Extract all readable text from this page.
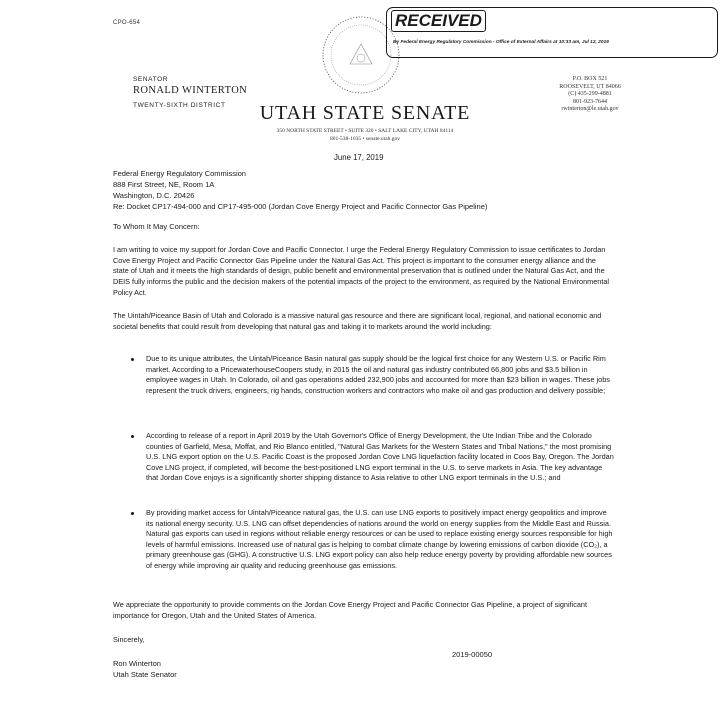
CPO-654	RECEIVED
By Federal Energy Regulatory Commission - Office of External Affairs at 10:33 am, Jul 12, 2019
SENATOR
RONALD WINTERTON
TWENTY-SIXTH DISTRICT
P.O. BOX 521
ROOSEVELT, UT 84066
(C) 435-299-4881
801-923-7644
rwinterton@le.utah.gov
UTAH STATE SENATE
350 NORTH STATE STREET • SUITE 320 • SALT LAKE CITY, UTAH 84114
801-538-1035 • senate.utah.gov
June 17, 2019
Federal Energy Regulatory Commission
888 First Street, NE, Room 1A
Washington, D.C. 20426
Re: Docket CP17-494-000 and CP17-495-000 (Jordan Cove Energy Project and Pacific Connector Gas Pipeline)
To Whom It May Concern:
I am writing to voice my support for Jordan Cove and Pacific Connector. I urge the Federal Energy Regulatory Commission to issue certificates to Jordan Cove Energy Project and Pacific Connector Gas Pipeline under the Natural Gas Act. This project is important to the consumer energy alliance and the state of Utah and it meets the high standards of design, public benefit and environmental preservation that is outlined under the Natural Gas Act, and the DEIS fully informs the public and the decision makers of the potential impacts of the project to the environment, as required by the National Environmental Policy Act.
The Uintah/Piceance Basin of Utah and Colorado is a massive natural gas resource and there are significant local, regional, and national economic and societal benefits that could result from developing that natural gas and taking it to markets around the world including:
Due to its unique attributes, the Uintah/Piceance Basin natural gas supply should be the logical first choice for any Western U.S. or Pacific Rim market. According to a PricewaterhouseCoopers study, in 2015 the oil and natural gas industry contributed 66,800 jobs and $3.5 billion in employee wages in Utah. In Colorado, oil and gas operations added 232,900 jobs and accounted for more than $23 billion in wages. These jobs represent the truck drivers, engineers, rig hands, construction workers and contractors who make oil and gas production and delivery possible;
According to release of a report in April 2019 by the Utah Governor's Office of Energy Development, the Ute Indian Tribe and the Colorado counties of Garfield, Mesa, Moffat, and Rio Blanco entitled, "Natural Gas Markets for the Western States and Tribal Nations," the most promising U.S. LNG export option on the U.S. Pacific Coast is the proposed Jordan Cove LNG liquefaction facility located in Coos Bay, Oregon. The Jordan Cove LNG project, if completed, will become the best-positioned LNG export terminal in the U.S. to serve markets in Asia. The key advantage that Jordan Cove enjoys is a significantly shorter shipping distance to Asia relative to other LNG export terminals in the U.S.; and
By providing market access for Uintah/Piceance natural gas, the U.S. can use LNG exports to positively impact energy geopolitics and improve its national energy security. U.S. LNG can offset dependencies of nations around the world on energy supplies from the Middle East and Russia. Natural gas exports can used in regions without reliable energy resources or can be used to replace existing energy sources responsible for high levels of harmful emissions. Increased use of natural gas is helping to combat climate change by lowering emissions of carbon dioxide (CO₂), a primary greenhouse gas (GHG). A constructive U.S. LNG export policy can also help reduce energy poverty by providing affordable new sources of energy while improving air quality and reducing greenhouse gas emissions.
We appreciate the opportunity to provide comments on the Jordan Cove Energy Project and Pacific Connector Gas Pipeline, a project of significant importance for Oregon, Utah and the United States of America.
Sincerely,
2019-00050
Ron Winterton
Utah State Senator
